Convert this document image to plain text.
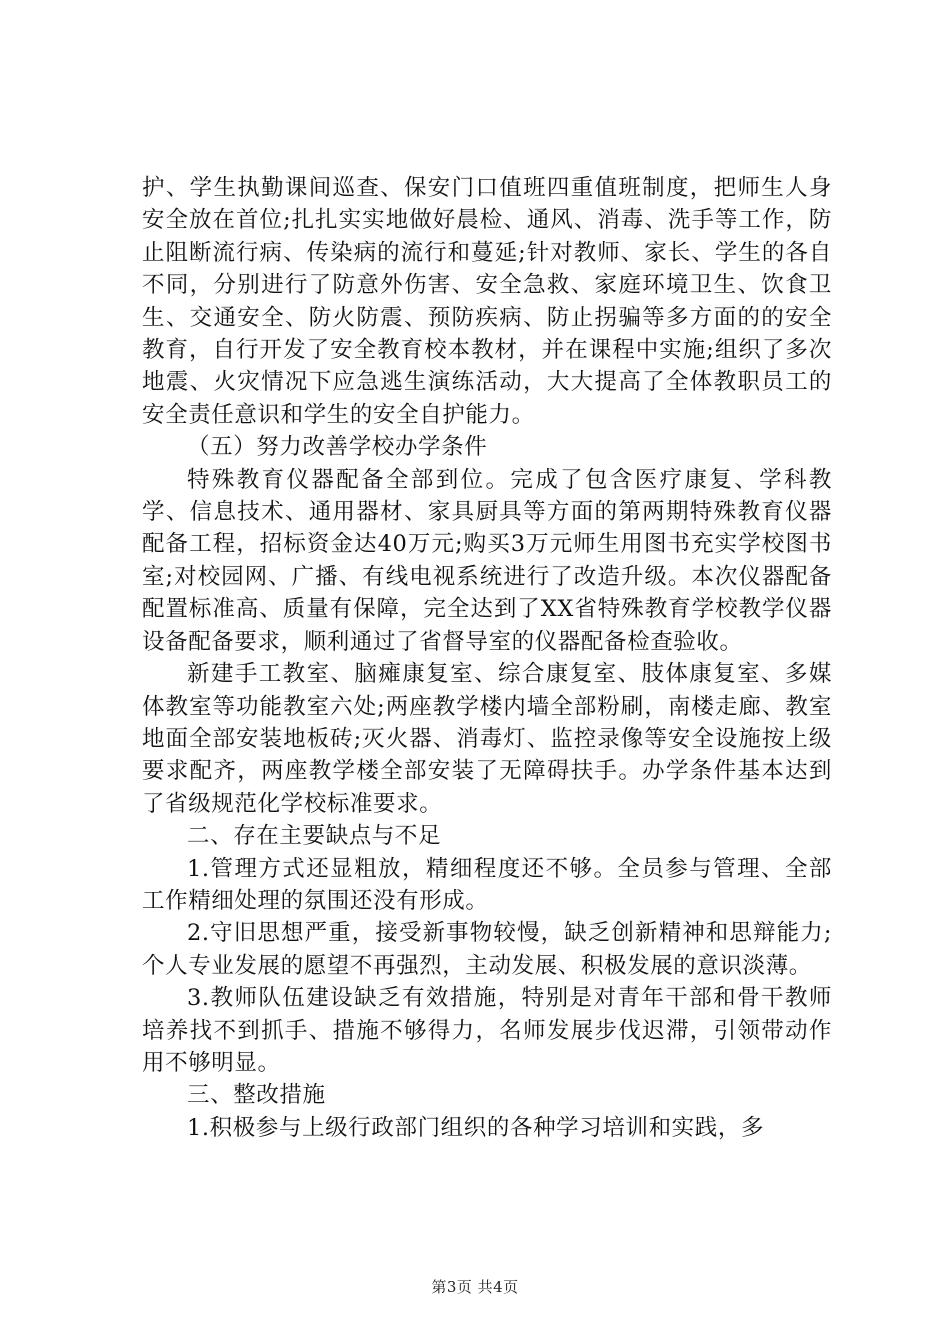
护、学生执勤课间巡查、保安门口值班四重值班制度，把师生人身安全放在首位;扎扎实实地做好晨检、通风、消毒、洗手等工作，防止阻断流行病、传染病的流行和蔓延;针对教师、家长、学生的各自不同，分别进行了防意外伤害、安全急救、家庭环境卫生、饮食卫生、交通安全、防火防震、预防疾病、防止拐骗等多方面的的安全教育，自行开发了安全教育校本教材，并在课程中实施;组织了多次地震、火灾情况下应急逃生演练活动，大大提高了全体教职员工的安全责任意识和学生的安全自护能力。

（五）努力改善学校办学条件

特殊教育仪器配备全部到位。完成了包含医疗康复、学科教学、信息技术、通用器材、家具厨具等方面的第两期特殊教育仪器配备工程，招标资金达40万元;购买3万元师生用图书充实学校图书室;对校园网、广播、有线电视系统进行了改造升级。本次仪器配备配置标准高、质量有保障，完全达到了XX省特殊教育学校教学仪器设备配备要求，顺利通过了省督导室的仪器配备检查验收。

新建手工教室、脑瘫康复室、综合康复室、肢体康复室、多媒体教室等功能教室六处;两座教学楼内墙全部粉刷，南楼走廊、教室地面全部安装地板砖;灭火器、消毒灯、监控录像等安全设施按上级要求配齐，两座教学楼全部安装了无障碍扶手。办学条件基本达到了省级规范化学校标准要求。

二、存在主要缺点与不足

1.管理方式还显粗放，精细程度还不够。全员参与管理、全部工作精细处理的氛围还没有形成。

2.守旧思想严重，接受新事物较慢，缺乏创新精神和思辩能力;个人专业发展的愿望不再强烈，主动发展、积极发展的意识淡薄。

3.教师队伍建设缺乏有效措施，特别是对青年干部和骨干教师培养找不到抓手、措施不够得力，名师发展步伐迟滞，引领带动作用不够明显。

三、整改措施

1.积极参与上级行政部门组织的各种学习培训和实践，多

第3页 共4页
